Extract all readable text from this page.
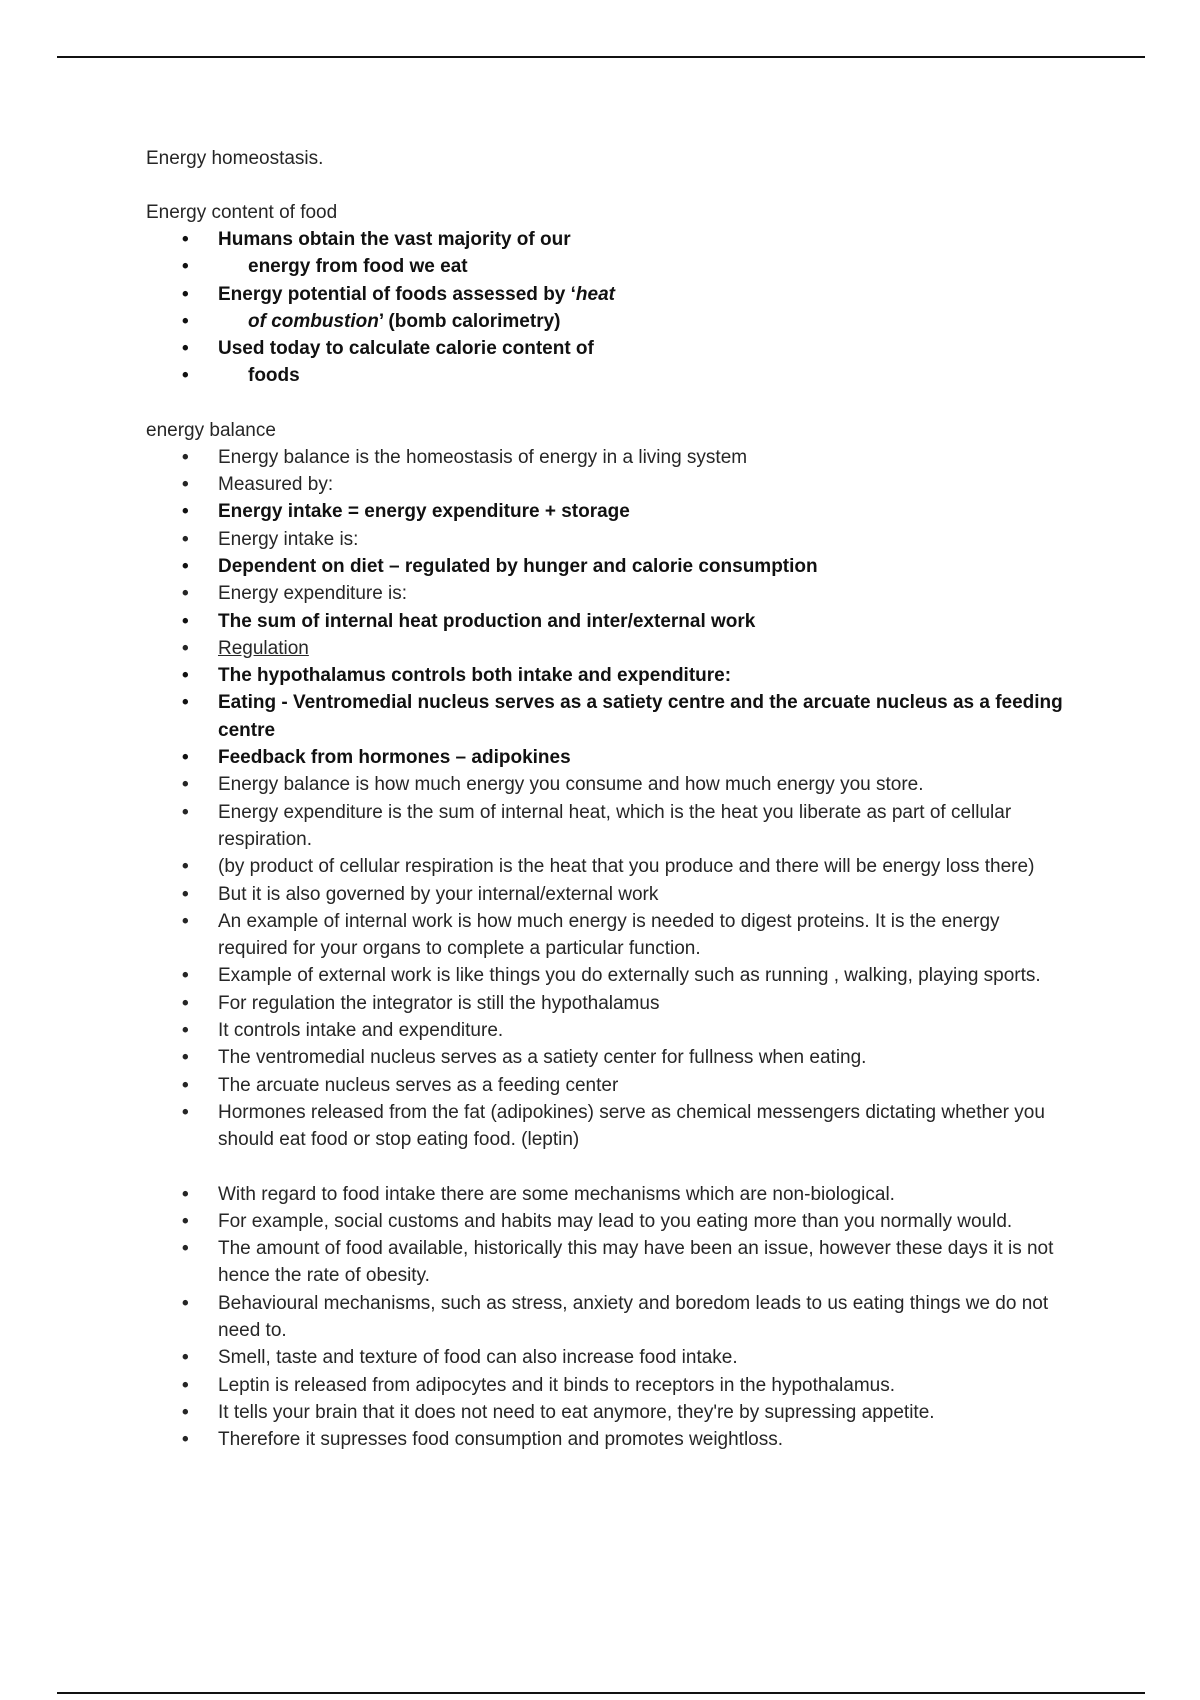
Energy homeostasis.

Energy content of food

• Humans obtain the vast majority of our
•	energy from food we eat
• Energy potential of foods assessed by ‘heat
•	of combustion’ (bomb calorimetry)
• Used today to calculate calorie content of
•	foods

energy balance

• Energy balance is the homeostasis of energy in a living system
• Measured by:
• Energy intake = energy expenditure + storage
• Energy intake is:
• Dependent on diet – regulated by hunger and calorie consumption
• Energy expenditure is:
• The sum of internal heat production and inter/external work
• Regulation
• The hypothalamus controls both intake and expenditure:
• Eating - Ventromedial nucleus serves as a satiety centre and the arcuate nucleus as a feeding centre
• Feedback from hormones – adipokines
• Energy balance is how much energy you consume and how much energy you store.
• Energy expenditure is the sum of internal heat, which is the heat you liberate as part of cellular respiration.
• (by product of cellular respiration is the heat that you produce and there will be energy loss there)
• But it is also governed by your internal/external work
• An example of internal work is how much energy is needed to digest proteins. It is the energy required for your organs to complete a particular function.
• Example of external work is like things you do externally such as running , walking, playing sports.
• For regulation the integrator is still the hypothalamus
• It controls intake and expenditure.
• The ventromedial nucleus serves as a satiety center for fullness when eating.
• The arcuate nucleus serves as a feeding center
• Hormones released from the fat (adipokines) serve as chemical messengers dictating whether you should eat food or stop eating food. (leptin)
• With regard to food intake there are some mechanisms which are non-biological.
• For example, social customs and habits may lead to you eating more than you normally would.
• The amount of food available, historically this may have been an issue, however these days it is not hence the rate of obesity.
• Behavioural mechanisms, such as stress, anxiety and boredom leads to us eating things we do not need to.
• Smell, taste and texture of food can also increase food intake.
• Leptin is released from adipocytes and it binds to receptors in the hypothalamus.
• It tells your brain that it does not need to eat anymore, they're by supressing appetite.
• Therefore it supresses food consumption and promotes weightloss.
